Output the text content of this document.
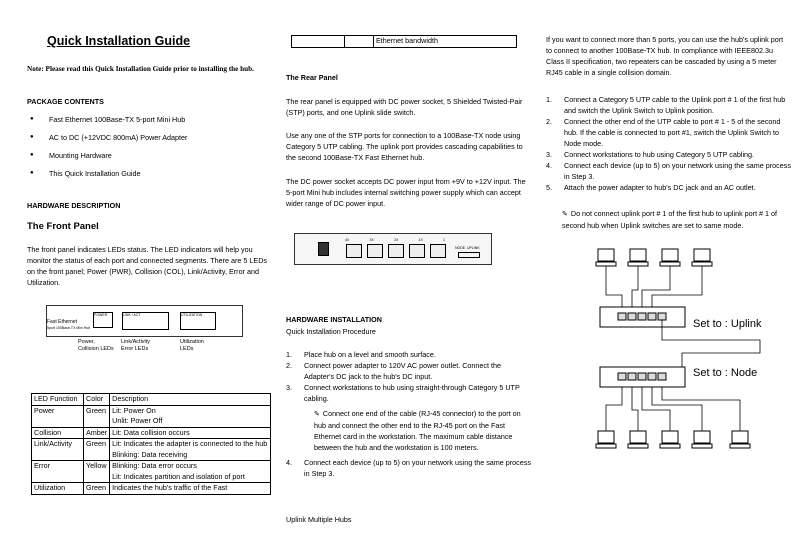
Quick Installation Guide
Note: Please read this Quick Installation Guide prior to installing the hub.
PACKAGE CONTENTS
● Fast Ethernet 100Base-TX 5-port Mini Hub
● AC to DC (+12VDC 800mA) Power Adapter
● Mounting Hardware
● This Quick Installation Guide
HARDWARE DESCRIPTION
The Front Panel
The front panel indicates LEDs status. The LED indicators will help you monitor the status of each port and connected segments. There are 5 LEDs on the front panel; Power (PWR), Collision (COL), Link/Activity, Error and Utilization.
Fast Ethernet
5port 100Base-TX Mini Hub
POWER	LINK / ACT	UTILIZATION
Power, Collision LEDs
Link/Activity Error LEDs
Utilization LEDs
LED Function	Color	Description
Power	Green	Lit: Power On
Unlit: Power Off

Collision	Amber	Lit: Data collision occurs

Link/Activity	Green	Lit: Indicates the adapter is connected to the hub
Blinking: Data receiving

Error	Yellow	Blinking: Data error occurs
Lit: Indicates partition and isolation of port

Utilization	Green	Indicates the hub's traffic of the Fast
		Ethernet bandwidth
The Rear Panel
The rear panel is equipped with DC power socket, 5 Shielded Twisted-Pair (STP) ports, and one Uplink slide switch.
Use any one of the STP ports for connection to a 100Base-TX node using Category 5 UTP cabling. The uplink port provides cascading capabilities to the second 100Base-TX Fast Ethernet hub.
The DC power socket accepts DC power input from +9V to +12V input. The 5-port Mini hub includes internal switching power supply which can accept wider range of DC power input.
4X	3X	2X	1X	1
NODE UPLINK
HARDWARE INSTALLATION
Quick Installation Procedure
1. Place hub on a level and smooth surface.
2. Connect power adapter to 120V AC power outlet. Connect the Adapter's DC jack to the hub's DC input.
3. Connect workstations to hub using straight-through Category 5 UTP cabling.
✎ Connect one end of the cable (RJ-45 connector) to the port on hub and connect the other end to the RJ-45 port on the Fast Ethernet card in the workstation. The maximum cable distance between the hub and the workstation is 100 meters.
4. Connect each device (up to 5) on your network using the same process in Step 3.
Uplink Multiple Hubs
If you want to connect more than 5 ports, you can use the hub's uplink port to connect to another 100Base-TX hub. In compliance with IEEE802.3u Class II specification, two repeaters can be cascaded by using a 5 meter RJ45 cable in a single collision domain.
1. Connect a Category 5 UTP cable to the Uplink port # 1 of the first hub and switch the Uplink Switch to Uplink position.
2. Connect the other end of the UTP cable to port # 1 - 5 of the second hub. If the cable is connected to port #1, switch the Uplink Switch to Node mode.
3. Connect workstations to hub using Category 5 UTP cabling.
4. Connect each device (up to 5) on your network using the same process in Step 3.
5. Attach the power adapter to hub's DC jack and an AC outlet.
✎ Do not connect uplink port # 1 of the first hub to uplink port # 1 of second hub when Uplink switches are set to same mode.
Set to : Uplink
Set to : Node
